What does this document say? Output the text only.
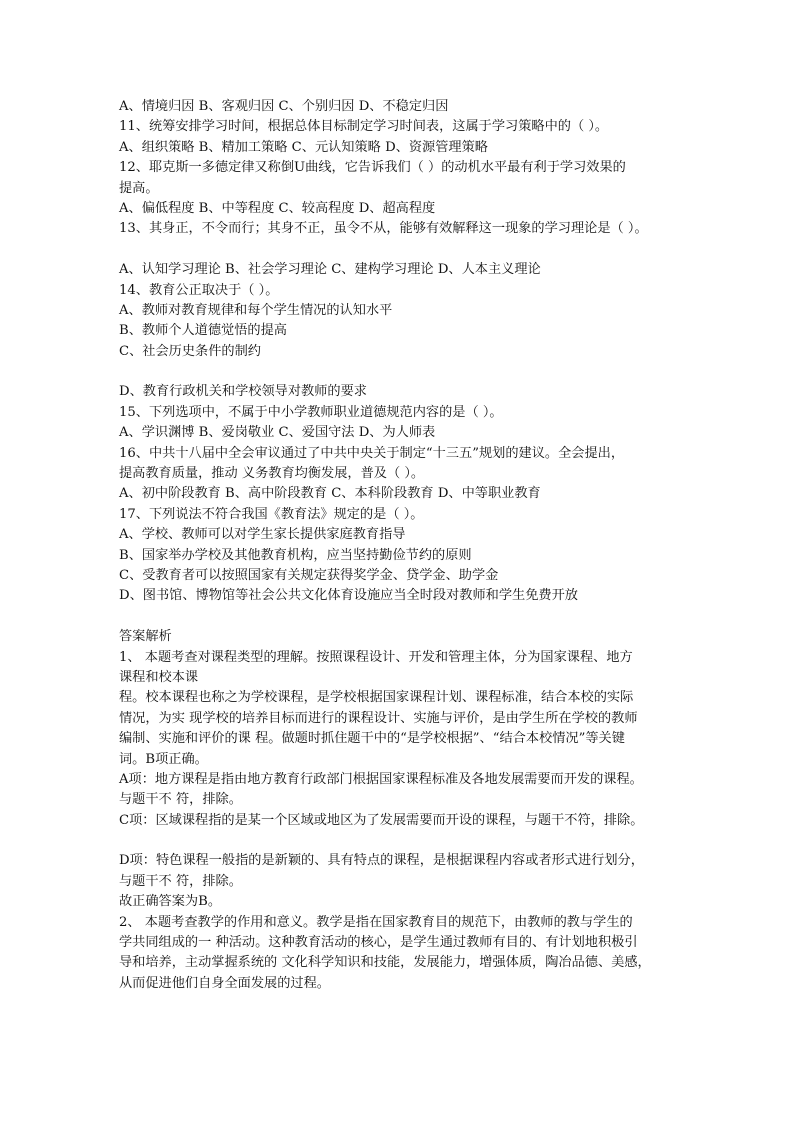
A、情境归因 B、客观归因 C、个别归因 D、不稳定归因
11、统筹安排学习时间，根据总体目标制定学习时间表，这属于学习策略中的（ ）。
A、组织策略 B、精加工策略 C、元认知策略 D、资源管理策略
12、耶克斯一多德定律又称倒U曲线，它告诉我们（ ）的动机水平最有利于学习效果的
提高。
A、偏低程度 B、中等程度 C、较高程度 D、超高程度
13、其身正，不令而行；其身不正，虽令不从，能够有效解释这一现象的学习理论是（ ）。
A、认知学习理论 B、社会学习理论 C、建构学习理论 D、人本主义理论
14、教育公正取决于（ ）。
A、教师对教育规律和每个学生情况的认知水平
B、教师个人道德觉悟的提高
C、社会历史条件的制约
D、教育行政机关和学校领导对教师的要求
15、下列选项中，不属于中小学教师职业道德规范内容的是（ ）。
A、学识渊博 B、爱岗敬业 C、爱国守法 D、为人师表
16、中共十八届中全会审议通过了中共中央关于制定“十三五”规划的建议。全会提出，
提高教育质量，推动 义务教育均衡发展，普及（ ）。
A、初中阶段教育 B、高中阶段教育 C、本科阶段教育 D、中等职业教育
17、下列说法不符合我国《教育法》规定的是（ ）。
A、学校、教师可以对学生家长提供家庭教育指导
B、国家举办学校及其他教育机构，应当坚持勤俭节约的原则
C、受教育者可以按照国家有关规定获得奖学金、贷学金、助学金
D、图书馆、博物馆等社会公共文化体育设施应当全时段对教师和学生免费开放
答案解析
1、 本题考查对课程类型的理解。按照课程设计、开发和管理主体，分为国家课程、地方
课程和校本课
程。校本课程也称之为学校课程，是学校根据国家课程计划、课程标准，结合本校的实际
情况，为实 现学校的培养目标而进行的课程设计、实施与评价，是由学生所在学校的教师
编制、实施和评价的课 程。做题时抓住题干中的“是学校根据”、“结合本校情况”等关键
词。B项正确。
A项：地方课程是指由地方教育行政部门根据国家课程标准及各地发展需要而开发的课程。
与题干不 符，排除。
C项：区域课程指的是某一个区域或地区为了发展需要而开设的课程，与题干不符，排除。
D项：特色课程一般指的是新颖的、具有特点的课程，是根据课程内容或者形式进行划分，
与题干不 符，排除。
故正确答案为B。
2、 本题考查教学的作用和意义。教学是指在国家教育目的规范下，由教师的教与学生的
学共同组成的一 种活动。这种教育活动的核心，是学生通过教师有目的、有计划地积极引
导和培养，主动掌握系统的 文化科学知识和技能，发展能力，增强体质，陶冶品德、美感，
从而促进他们自身全面发展的过程。
